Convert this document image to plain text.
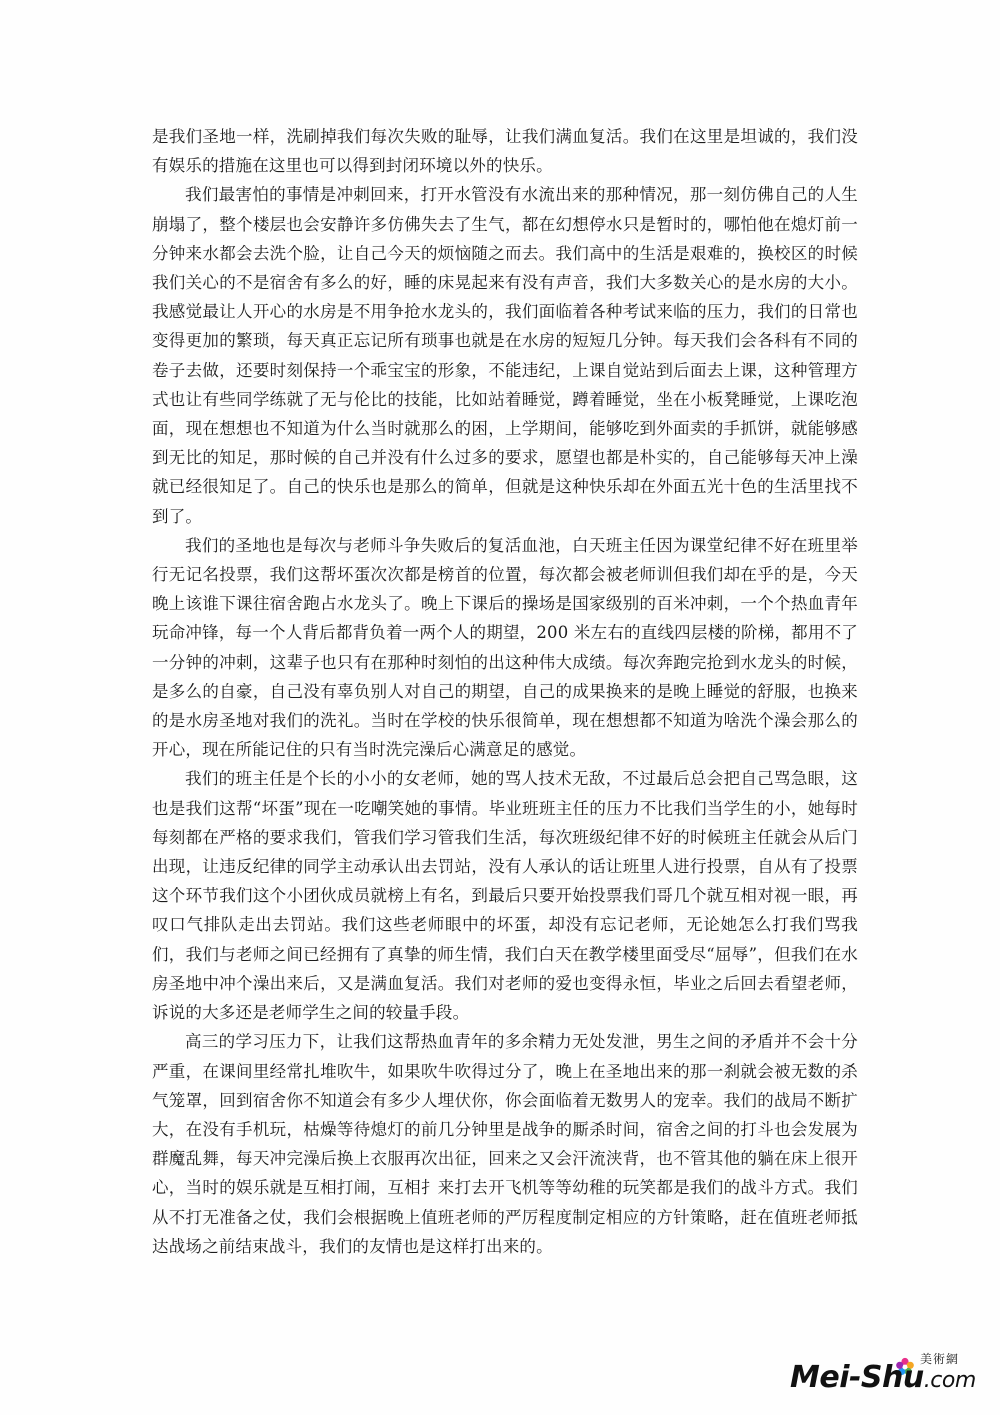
是我们圣地一样，洗刷掉我们每次失败的耻辱，让我们满血复活。我们在这里是坦诚的，我们没有娱乐的措施在这里也可以得到封闭环境以外的快乐。

我们最害怕的事情是冲刺回来，打开水管没有水流出来的那种情况，那一刻仿佛自己的人生崩塌了，整个楼层也会安静许多仿佛失去了生气，都在幻想停水只是暂时的，哪怕他在熄灯前一分钟来水都会去洗个脸，让自己今天的烦恼随之而去。我们高中的生活是艰难的，换校区的时候我们关心的不是宿舍有多么的好，睡的床晃起来有没有声音，我们大多数关心的是水房的大小。我感觉最让人开心的水房是不用争抢水龙头的，我们面临着各种考试来临的压力，我们的日常也变得更加的繁琐，每天真正忘记所有琐事也就是在水房的短短几分钟。每天我们会各科有不同的卷子去做，还要时刻保持一个乖宝宝的形象，不能违纪，上课自觉站到后面去上课，这种管理方式也让有些同学练就了无与伦比的技能，比如站着睡觉，蹲着睡觉，坐在小板凳睡觉，上课吃泡面，现在想想也不知道为什么当时就那么的困，上学期间，能够吃到外面卖的手抓饼，就能够感到无比的知足，那时候的自己并没有什么过多的要求，愿望也都是朴实的，自己能够每天冲上澡就已经很知足了。自己的快乐也是那么的简单，但就是这种快乐却在外面五光十色的生活里找不到了。

我们的圣地也是每次与老师斗争失败后的复活血池，白天班主任因为课堂纪律不好在班里举行无记名投票，我们这帮坏蛋次次都是榜首的位置，每次都会被老师训但我们却在乎的是，今天晚上该谁下课往宿舍跑占水龙头了。晚上下课后的操场是国家级别的百米冲刺，一个个热血青年玩命冲锋，每一个人背后都背负着一两个人的期望，200 米左右的直线四层楼的阶梯，都用不了一分钟的冲刺，这辈子也只有在那种时刻怕的出这种伟大成绩。每次奔跑完抢到水龙头的时候，是多么的自豪，自己没有辜负别人对自己的期望，自己的成果换来的是晚上睡觉的舒服，也换来的是水房圣地对我们的洗礼。当时在学校的快乐很简单，现在想想都不知道为啥洗个澡会那么的开心，现在所能记住的只有当时洗完澡后心满意足的感觉。

我们的班主任是个长的小小的女老师，她的骂人技术无敌，不过最后总会把自己骂急眼，这也是我们这帮“坏蛋”现在一吃嘲笑她的事情。毕业班班主任的压力不比我们当学生的小，她每时每刻都在严格的要求我们，管我们学习管我们生活，每次班级纪律不好的时候班主任就会从后门出现，让违反纪律的同学主动承认出去罚站，没有人承认的话让班里人进行投票，自从有了投票这个环节我们这个小团伙成员就榜上有名，到最后只要开始投票我们哥几个就互相对视一眼，再叹口气排队走出去罚站。我们这些老师眼中的坏蛋，却没有忘记老师，无论她怎么打我们骂我们，我们与老师之间已经拥有了真挚的师生情，我们白天在教学楼里面受尽“屈辱”，但我们在水房圣地中冲个澡出来后，又是满血复活。我们对老师的爱也变得永恒，毕业之后回去看望老师，诉说的大多还是老师学生之间的较量手段。

高三的学习压力下，让我们这帮热血青年的多余精力无处发泄，男生之间的矛盾并不会十分严重，在课间里经常扎堆吹牛，如果吹牛吹得过分了，晚上在圣地出来的那一刹就会被无数的杀气笼罩，回到宿舍你不知道会有多少人埋伏你，你会面临着无数男人的宠幸。我们的战局不断扩大，在没有手机玩，枯燥等待熄灯的前几分钟里是战争的厮杀时间，宿舍之间的打斗也会发展为群魔乱舞，每天冲完澡后换上衣服再次出征，回来之又会汗流浃背，也不管其他的躺在床上很开心，当时的娱乐就是互相打闹，互相扌来打去开飞机等等幼稚的玩笑都是我们的战斗方式。我们从不打无准备之仗，我们会根据晚上值班老师的严厉程度制定相应的方针策略，赶在值班老师抵达战场之前结束战斗，我们的友情也是这样打出来的。

美術網
Mei-Shu.com
